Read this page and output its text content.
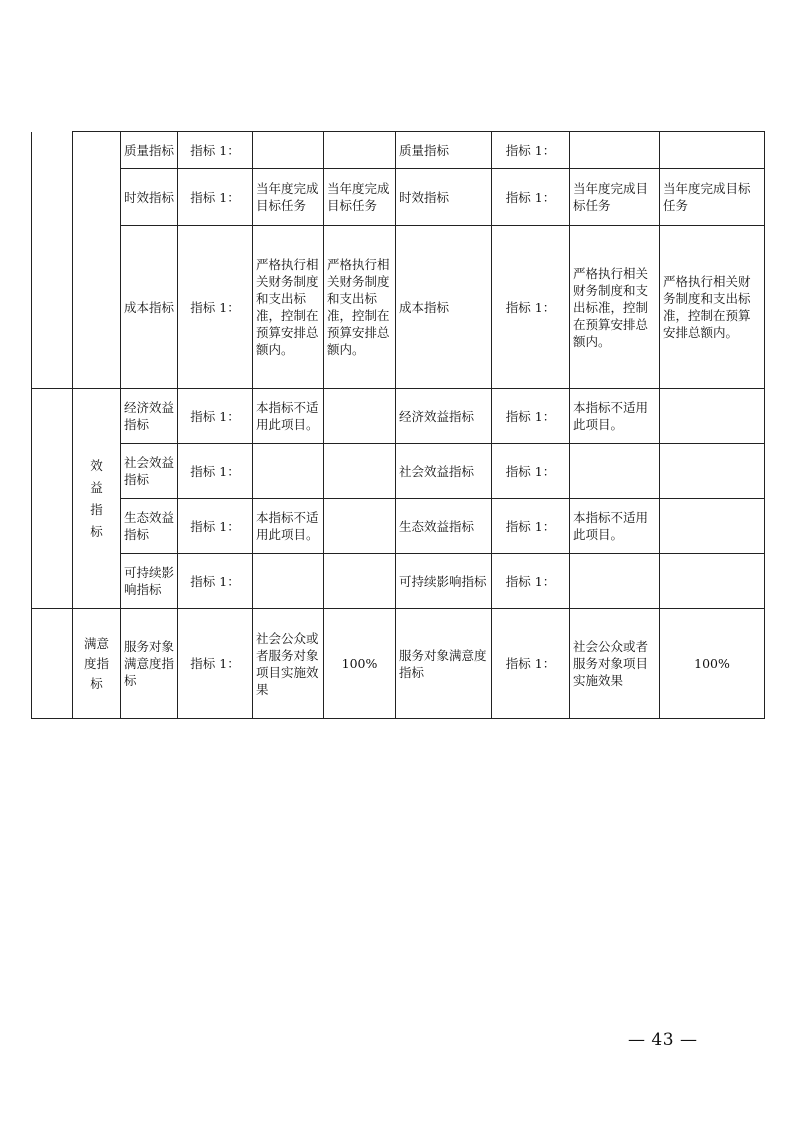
		质量指标	指标 1：			质量指标	指标 1：		
		时效指标	指标 1：	当年度完成目标任务	当年度完成目标任务	时效指标	指标 1：	当年度完成目标任务	当年度完成目标任务
		成本指标	指标 1：	严格执行相关财务制度和支出标准，控制在预算安排总额内。	严格执行相关财务制度和支出标准，控制在预算安排总额内。	成本指标	指标 1：	严格执行相关财务制度和支出标准，控制在预算安排总额内。	严格执行相关财务制度和支出标准，控制在预算安排总额内。
	效益指标	经济效益指标	指标 1：	本指标不适用此项目。		经济效益指标	指标 1：	本指标不适用此项目。	
		社会效益指标	指标 1：			社会效益指标	指标 1：		
		生态效益指标	指标 1：	本指标不适用此项目。		生态效益指标	指标 1：	本指标不适用此项目。	
		可持续影响指标	指标 1：			可持续影响指标	指标 1：		
	满意度指标	服务对象满意度指标	指标 1：	社会公众或者服务对象项目实施效果	100%	服务对象满意度指标	指标 1：	社会公众或者服务对象项目实施效果	100%
— 43 —
